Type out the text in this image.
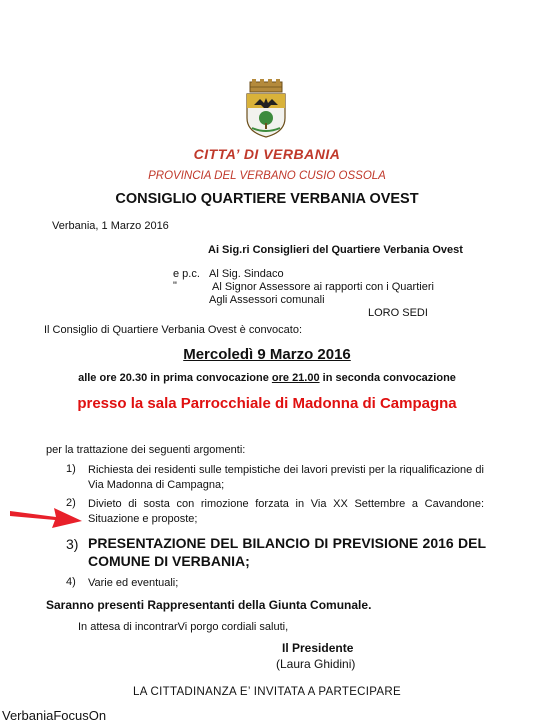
CITTA’ DI VERBANIA
PROVINCIA DEL VERBANO CUSIO OSSOLA
CONSIGLIO QUARTIERE VERBANIA OVEST
Verbania, 1 Marzo 2016
Ai Sig.ri Consiglieri del Quartiere Verbania Ovest
e p.c. Al Sig. Sindaco
"	Al Signor Assessore ai rapporti con i Quartieri
Agli Assessori comunali
LORO SEDI
Il Consiglio di Quartiere Verbania Ovest è convocato:
Mercoledì 9 Marzo 2016
alle ore 20.30 in prima convocazione ore 21.00 in seconda convocazione
presso la sala Parrocchiale di Madonna di Campagna
per la trattazione dei seguenti argomenti:
1) Richiesta dei residenti sulle tempistiche dei lavori previsti per la riqualificazione di Via Madonna di Campagna;
2) Divieto di sosta con rimozione forzata in Via XX Settembre a Cavandone: Situazione e proposte;
3) PRESENTAZIONE DEL BILANCIO DI PREVISIONE 2016 DEL COMUNE DI VERBANIA;
4) Varie ed eventuali;
Saranno presenti Rappresentanti della Giunta Comunale.
In attesa di incontrarVi porgo cordiali saluti,
Il Presidente
(Laura Ghidini)
LA CITTADINANZA E’ INVITATA A PARTECIPARE
VerbaniaFocusOn
